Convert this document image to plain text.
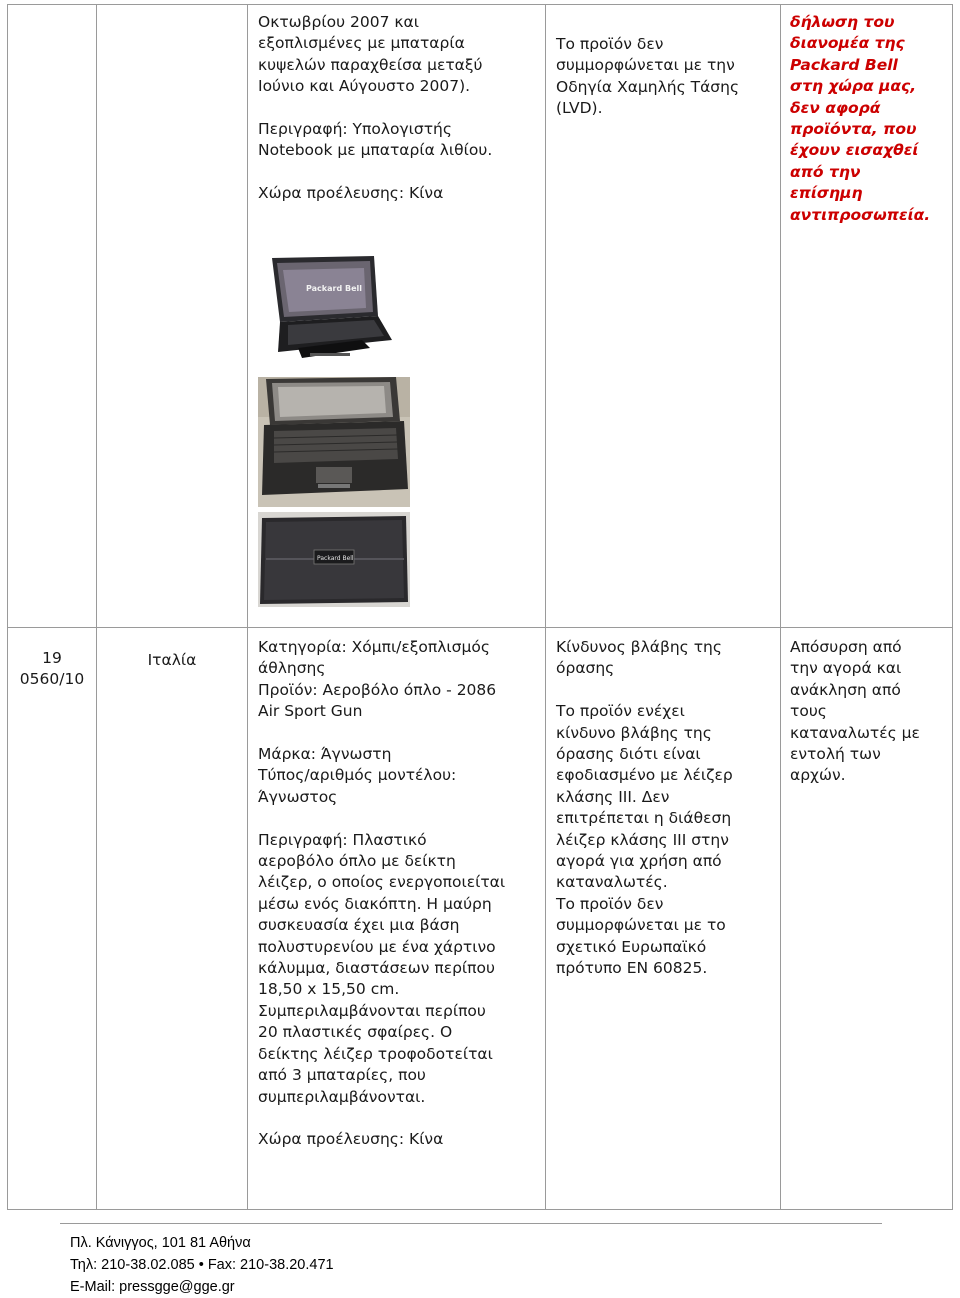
Οκτωβρίου 2007 και

εξοπλισμένες με μπαταρία

κυψελών παραχθείσα μεταξύ

Ιούνιο και Αύγουστο 2007).

Περιγραφή: Υπολογιστής

Notebook με μπαταρία λιθίου.

Χώρα προέλευσης: Κίνα

Το προϊόν δεν

συμμορφώνεται με την

Οδηγία Χαμηλής Τάσης

(LVD).

δήλωση του

διανομέα της

Packard Bell

στη χώρα μας,

δεν αφορά

προϊόντα, που

έχουν εισαχθεί

από την

επίσημη

αντιπροσωπεία.

Packard Bell
Packard Bell

19

0560/10

Ιταλία

Κατηγορία: Χόμπι/εξοπλισμός

άθλησης

Προϊόν: Αεροβόλο όπλο - 2086

Air Sport Gun

Μάρκα: Άγνωστη

Τύπος/αριθμός μοντέλου:

Άγνωστος

Περιγραφή: Πλαστικό

αεροβόλο όπλο με δείκτη

λέιζερ, ο οποίος ενεργοποιείται

μέσω ενός διακόπτη. Η μαύρη

συσκευασία έχει μια βάση

πολυστυρενίου με ένα χάρτινο

κάλυμμα, διαστάσεων περίπου

18,50 x 15,50 cm.

Συμπεριλαμβάνονται περίπου

20 πλαστικές σφαίρες. Ο

δείκτης λέιζερ τροφοδοτείται

από 3 μπαταρίες, που

συμπεριλαμβάνονται.

Χώρα προέλευσης: Κίνα

Κίνδυνος βλάβης της

όρασης

Το προϊόν ενέχει

κίνδυνο βλάβης της

όρασης διότι είναι

εφοδιασμένο με λέιζερ

κλάσης ΙΙΙ. Δεν

επιτρέπεται η διάθεση

λέιζερ κλάσης ΙΙΙ στην

αγορά για χρήση από

καταναλωτές.

Το προϊόν δεν

συμμορφώνεται με το

σχετικό Ευρωπαϊκό

πρότυπο EN 60825.

Απόσυρση από

την αγορά και

ανάκληση από

τους

καταναλωτές με

εντολή των

αρχών.

Πλ. Κάνιγγος, 101 81 Αθήνα

Τηλ: 210-38.02.085 • Fax: 210-38.20.471

E-Mail: pressgge@gge.gr
